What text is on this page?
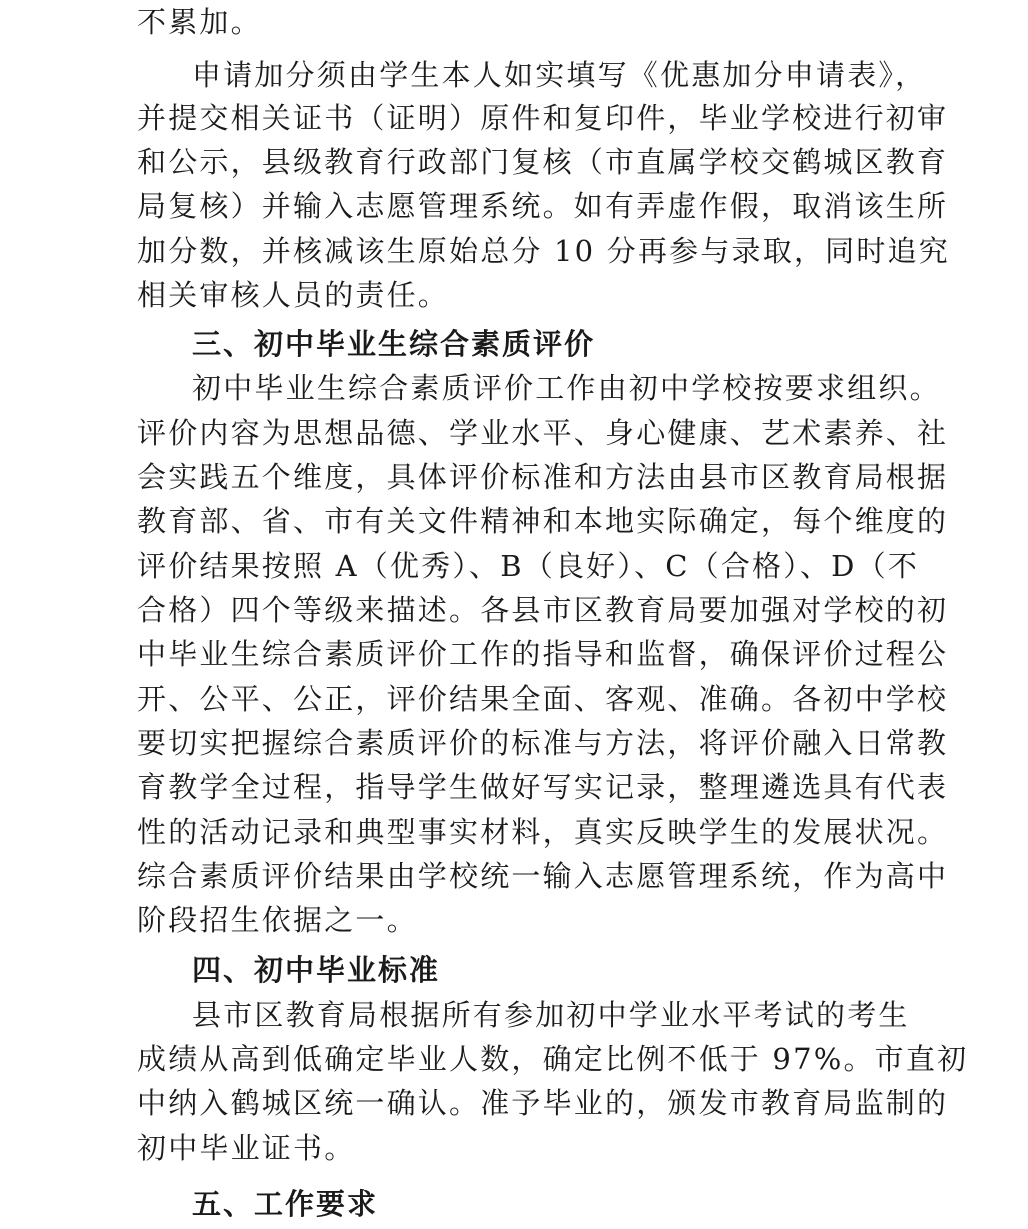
不累加。

申请加分须由学生本人如实填写《优惠加分申请表》，

并提交相关证书（证明）原件和复印件，毕业学校进行初审

和公示，县级教育行政部门复核（市直属学校交鹤城区教育

局复核）并输入志愿管理系统。如有弄虚作假，取消该生所

加分数，并核减该生原始总分 10 分再参与录取，同时追究

相关审核人员的责任。

三、初中毕业生综合素质评价

初中毕业生综合素质评价工作由初中学校按要求组织。

评价内容为思想品德、学业水平、身心健康、艺术素养、社

会实践五个维度，具体评价标准和方法由县市区教育局根据

教育部、省、市有关文件精神和本地实际确定，每个维度的

评价结果按照 A（优秀）、B（良好）、C（合格）、D（不

合格）四个等级来描述。各县市区教育局要加强对学校的初

中毕业生综合素质评价工作的指导和监督，确保评价过程公

开、公平、公正，评价结果全面、客观、准确。各初中学校

要切实把握综合素质评价的标准与方法，将评价融入日常教

育教学全过程，指导学生做好写实记录，整理遴选具有代表

性的活动记录和典型事实材料，真实反映学生的发展状况。

综合素质评价结果由学校统一输入志愿管理系统，作为高中

阶段招生依据之一。

四、初中毕业标准

县市区教育局根据所有参加初中学业水平考试的考生

成绩从高到低确定毕业人数，确定比例不低于 97%。市直初

中纳入鹤城区统一确认。准予毕业的，颁发市教育局监制的

初中毕业证书。

五、工作要求
